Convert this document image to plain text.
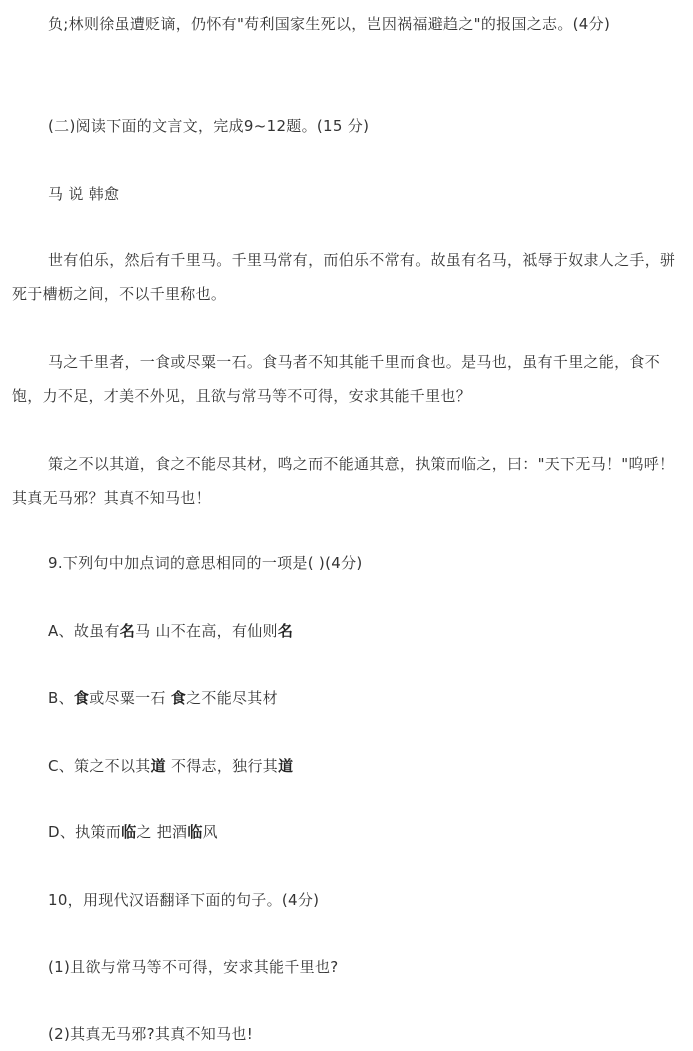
负;林则徐虽遭贬谪，仍怀有"苟利国家生死以，岂因祸福避趋之"的报国之志。(4分)

(二)阅读下面的文言文，完成9~12题。(15 分)

马 说 韩愈

世有伯乐，然后有千里马。千里马常有，而伯乐不常有。故虽有名马，祗辱于奴隶人之手，骈死于槽枥之间，不以千里称也。

马之千里者，一食或尽粟一石。食马者不知其能千里而食也。是马也，虽有千里之能，食不饱，力不足，才美不外见，且欲与常马等不可得，安求其能千里也？

策之不以其道，食之不能尽其材，鸣之而不能通其意，执策而临之，曰："天下无马！"呜呼！其真无马邪？其真不知马也！

9.下列句中加点词的意思相同的一项是( )(4分)

A、故虽有名马 山不在高，有仙则名

B、食或尽粟一石 食之不能尽其材

C、策之不以其道 不得志，独行其道

D、执策而临之 把酒临风

10，用现代汉语翻译下面的句子。(4分)

(1)且欲与常马等不可得，安求其能千里也?

(2)其真无马邪?其真不知马也!
